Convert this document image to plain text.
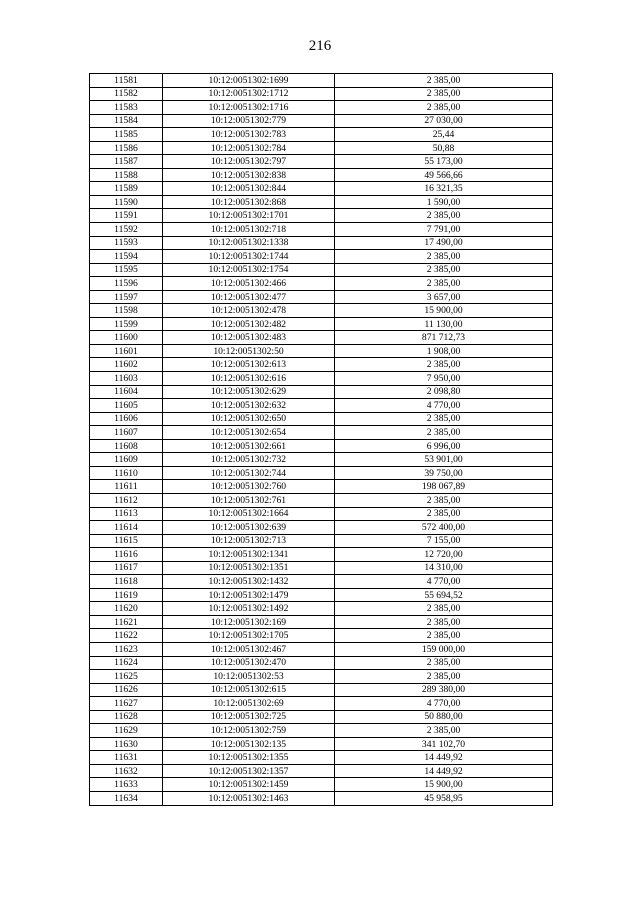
216
11581	10:12:0051302:1699	2 385,00
11582	10:12:0051302:1712	2 385,00
11583	10:12:0051302:1716	2 385,00
11584	10:12:0051302:779	27 030,00
11585	10:12:0051302:783	25,44
11586	10:12:0051302:784	50,88
11587	10:12:0051302:797	55 173,00
11588	10:12:0051302:838	49 566,66
11589	10:12:0051302:844	16 321,35
11590	10:12:0051302:868	1 590,00
11591	10:12:0051302:1701	2 385,00
11592	10:12:0051302:718	7 791,00
11593	10:12:0051302:1338	17 490,00
11594	10:12:0051302:1744	2 385,00
11595	10:12:0051302:1754	2 385,00
11596	10:12:0051302:466	2 385,00
11597	10:12:0051302:477	3 657,00
11598	10:12:0051302:478	15 900,00
11599	10:12:0051302:482	11 130,00
11600	10:12:0051302:483	871 712,73
11601	10:12:0051302:50	1 908,00
11602	10:12:0051302:613	2 385,00
11603	10:12:0051302:616	7 950,00
11604	10:12:0051302:629	2 098,80
11605	10:12:0051302:632	4 770,00
11606	10:12:0051302:650	2 385,00
11607	10:12:0051302:654	2 385,00
11608	10:12:0051302:661	6 996,00
11609	10:12:0051302:732	53 901,00
11610	10:12:0051302:744	39 750,00
11611	10:12:0051302:760	198 067,89
11612	10:12:0051302:761	2 385,00
11613	10:12:0051302:1664	2 385,00
11614	10:12:0051302:639	572 400,00
11615	10:12:0051302:713	7 155,00
11616	10:12:0051302:1341	12 720,00
11617	10:12:0051302:1351	14 310,00
11618	10:12:0051302:1432	4 770,00
11619	10:12:0051302:1479	55 694,52
11620	10:12:0051302:1492	2 385,00
11621	10:12:0051302:169	2 385,00
11622	10:12:0051302:1705	2 385,00
11623	10:12:0051302:467	159 000,00
11624	10:12:0051302:470	2 385,00
11625	10:12:0051302:53	2 385,00
11626	10:12:0051302:615	289 380,00
11627	10:12:0051302:69	4 770,00
11628	10:12:0051302:725	50 880,00
11629	10:12:0051302:759	2 385,00
11630	10:12:0051302:135	341 102,70
11631	10:12:0051302:1355	14 449,92
11632	10:12:0051302:1357	14 449,92
11633	10:12:0051302:1459	15 900,00
11634	10:12:0051302:1463	45 958,95
